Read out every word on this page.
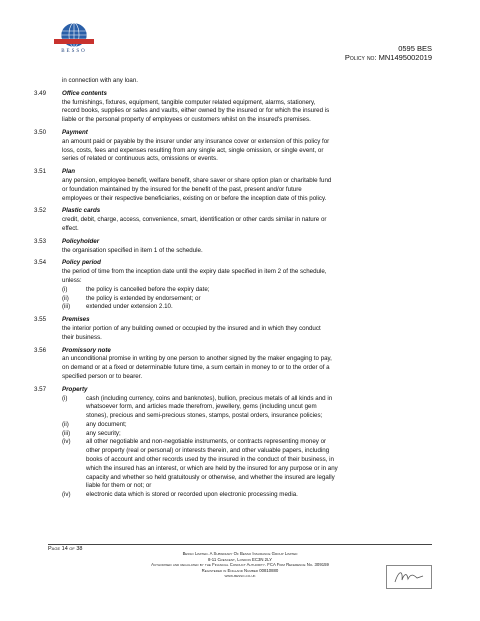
BESSO	0595 BES
Policy no: MN1495002019
in connection with any loan.
3.49	Office contents
the furnishings, fixtures, equipment, tangible computer related equipment, alarms, stationery,
record books, supplies or safes and vaults, either owned by the insured or for which the insured is
liable or the personal property of employees or customers whilst on the insured's premises.
3.50	Payment
an amount paid or payable by the insurer under any insurance cover or extension of this policy for
loss, costs, fees and expenses resulting from any single act, single omission, or single event, or
series of related or continuous acts, omissions or events.
3.51	Plan
any pension, employee benefit, welfare benefit, share saver or share option plan or charitable fund
or foundation maintained by the insured for the benefit of the past, present and/or future
employees or their respective beneficiaries, existing on or before the inception date of this policy.
3.52	Plastic cards
credit, debit, charge, access, convenience, smart, identification or other cards similar in nature or
effect.
3.53	Policyholder
the organisation specified in item 1 of the schedule.
3.54	Policy period
the period of time from the inception date until the expiry date specified in item 2 of the schedule,
unless:
(i)	the policy is cancelled before the expiry date;
(ii)	the policy is extended by endorsement; or
(iii)	extended under extension 2.10.
3.55	Premises
the interior portion of any building owned or occupied by the insured and in which they conduct
their business.
3.56	Promissory note
an unconditional promise in writing by one person to another signed by the maker engaging to pay,
on demand or at a fixed or determinable future time, a sum certain in money to or to the order of a
specified person or to bearer.
3.57	Property
(i)	cash (including currency, coins and banknotes), bullion, precious metals of all kinds and in
whatsoever form, and articles made therefrom, jewellery, gems (including uncut gem
stones), precious and semi-precious stones, stamps, postal orders, insurance policies;
(ii)	any document;
(iii)	any security;
(iv) all other negotiable and non-negotiable instruments, or contracts representing money or
other property (real or personal) or interests therein, and other valuable papers, including
books of account and other records used by the insured in the conduct of their business, in
which the insured has an interest, or which are held by the insured for any purpose or in any
capacity and whether so held gratuitously or otherwise, and whether the insured are legally
liable for them or not; or
(iv) electronic data which is stored or recorded upon electronic processing media.
Page 14 of 38
Besso Limited. A Subsidiary Of Besso Insurance Group Limited
8-11 Crescent, London EC3N 2LY
Authorised and regulated by the Financial Conduct Authority. FCA Firm Reference No. 309159
Registered in England Number 00810880
www.besso.co.uk
